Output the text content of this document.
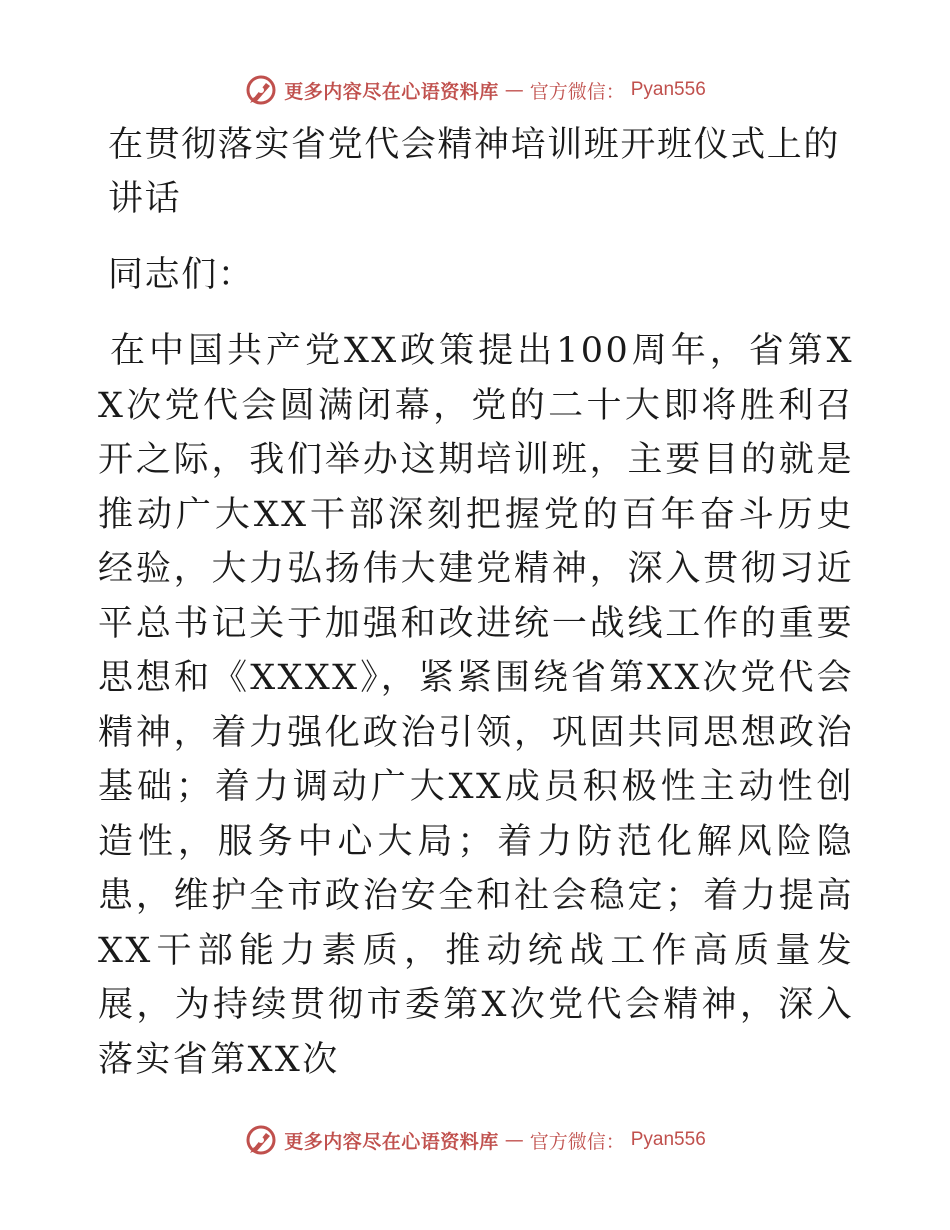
更多内容尽在心语资料库 — 官方微信： Pyan556
在贯彻落实省党代会精神培训班开班仪式上的讲话
同志们：
在中国共产党XX政策提出100周年，省第XX次党代会圆满闭幕，党的二十大即将胜利召开之际，我们举办这期培训班，主要目的就是推动广大XX干部深刻把握党的百年奋斗历史经验，大力弘扬伟大建党精神，深入贯彻习近平总书记关于加强和改进统一战线工作的重要思想和《XXXX》，紧紧围绕省第XX次党代会精神，着力强化政治引领，巩固共同思想政治基础；着力调动广大XX成员积极性主动性创造性，服务中心大局；着力防范化解风险隐患，维护全市政治安全和社会稳定；着力提高XX干部能力素质，推动统战工作高质量发展，为持续贯彻市委第X次党代会精神，深入落实省第XX次
更多内容尽在心语资料库 — 官方微信： Pyan556
